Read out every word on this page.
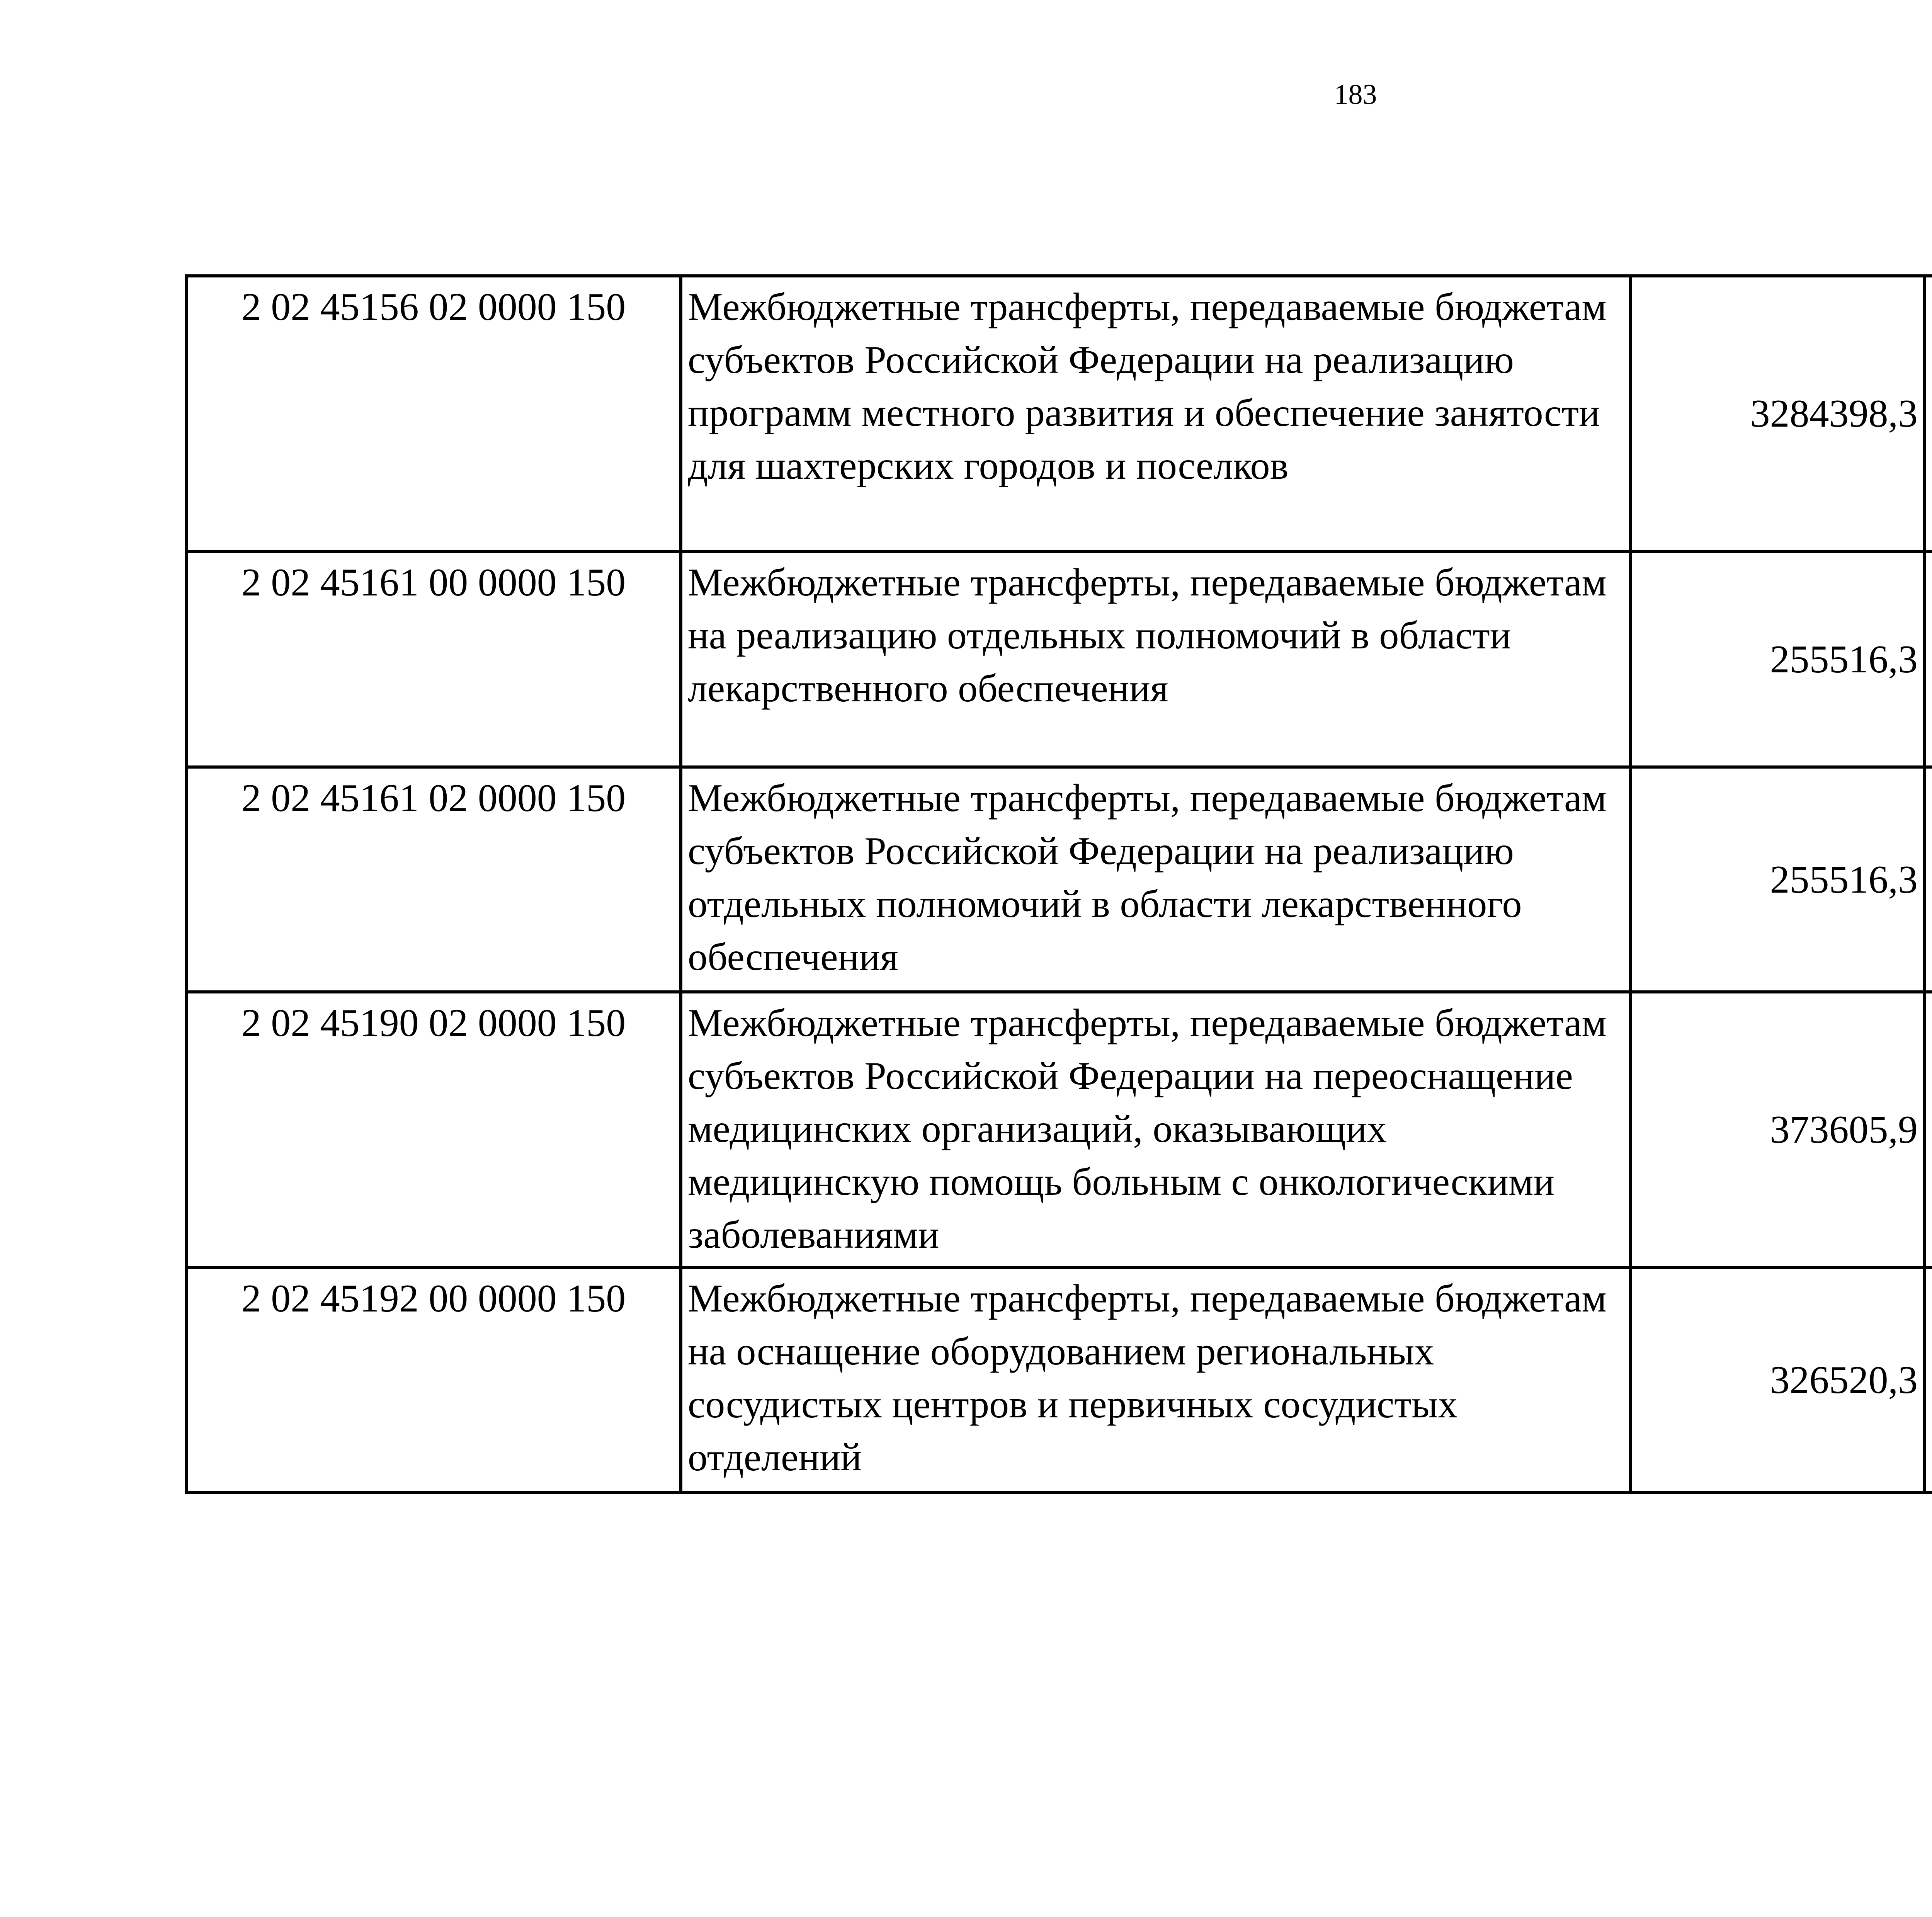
183
2 02 45156 02 0000 150	Межбюджетные трансферты, передаваемые бюджетам субъектов Российской Федерации на реализацию программ местного развития и обеспечение занятости для шахтерских городов и поселков	3284398,3		
2 02 45161 00 0000 150	Межбюджетные трансферты, передаваемые бюджетам на реализацию отдельных полномочий в области лекарственного обеспечения	255516,3		
2 02 45161 02 0000 150	Межбюджетные трансферты, передаваемые бюджетам субъектов Российской Федерации на реализацию отдельных полномочий в области лекарственного обеспечения	255516,3		
2 02 45190 02 0000 150	Межбюджетные трансферты, передаваемые бюджетам субъектов Российской Федерации на переоснащение медицинских организаций, оказывающих медицинскую помощь больным с онкологическими заболеваниями	373605,9		
2 02 45192 00 0000 150	Межбюджетные трансферты, передаваемые бюджетам на оснащение оборудованием региональных сосудистых центров и первичных сосудистых отделений	326520,3		
